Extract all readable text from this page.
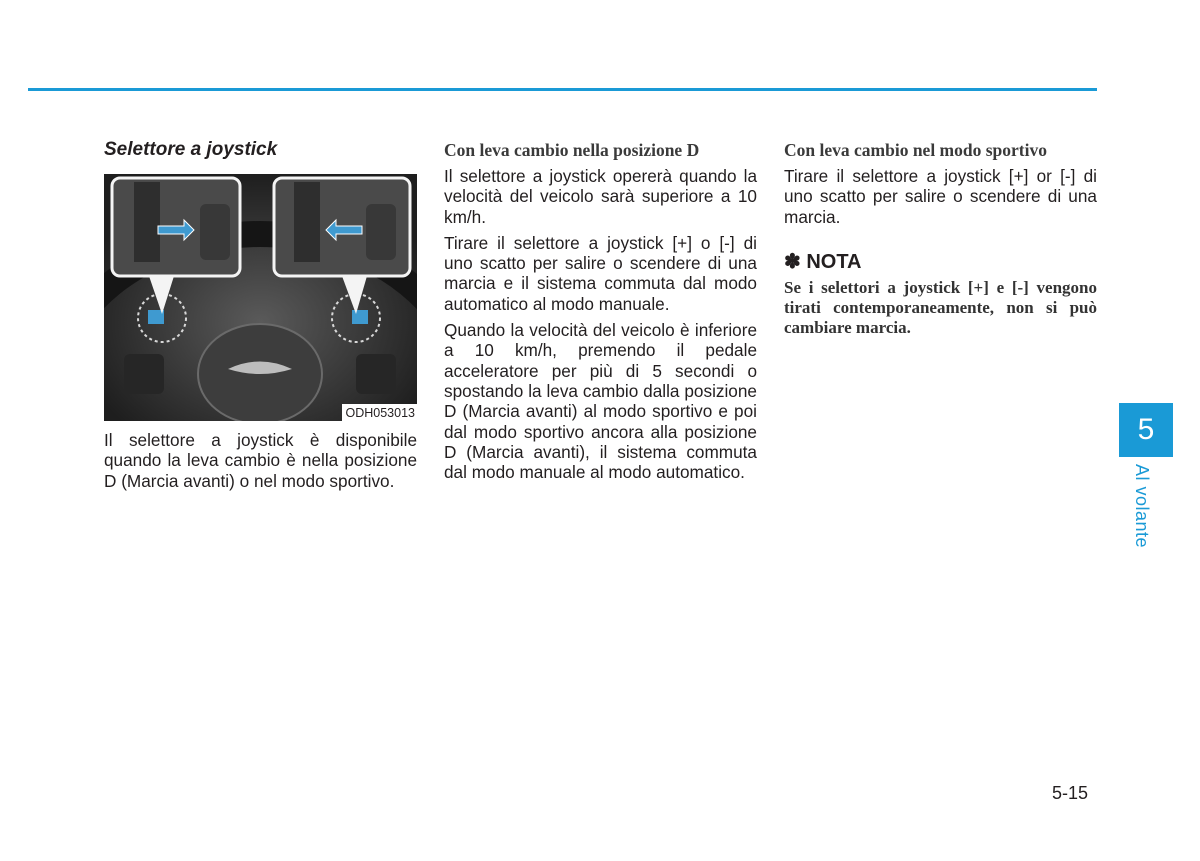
Selettore a joystick
ODH053013

Il selettore a joystick è disponibile quando la leva cambio è nella posizione D (Marcia avanti) o nel modo sportivo.

Con leva cambio nella posizione D

Il selettore a joystick opererà quando la velocità del veicolo sarà superiore a 10 km/h.

Tirare il selettore a joystick [+] o [-] di uno scatto per salire o scendere di una marcia e il sistema commuta dal modo automatico al modo manuale.

Quando la velocità del veicolo è inferiore a 10 km/h, premendo il pedale acceleratore per più di 5 secondi o spostando la leva cambio dalla posizione D (Marcia avanti) al modo sportivo e poi dal modo sportivo ancora alla posizione D (Marcia avanti), il sistema commuta dal modo manuale al modo automatico.

Con leva cambio nel modo sportivo

Tirare il selettore a joystick [+] or [-] di uno scatto per salire o scendere di una marcia.

✽ NOTA

Se i selettori a joystick [+] e [-] vengono tirati contemporaneamente, non si può cambiare marcia.

5
Al volante
5-15
